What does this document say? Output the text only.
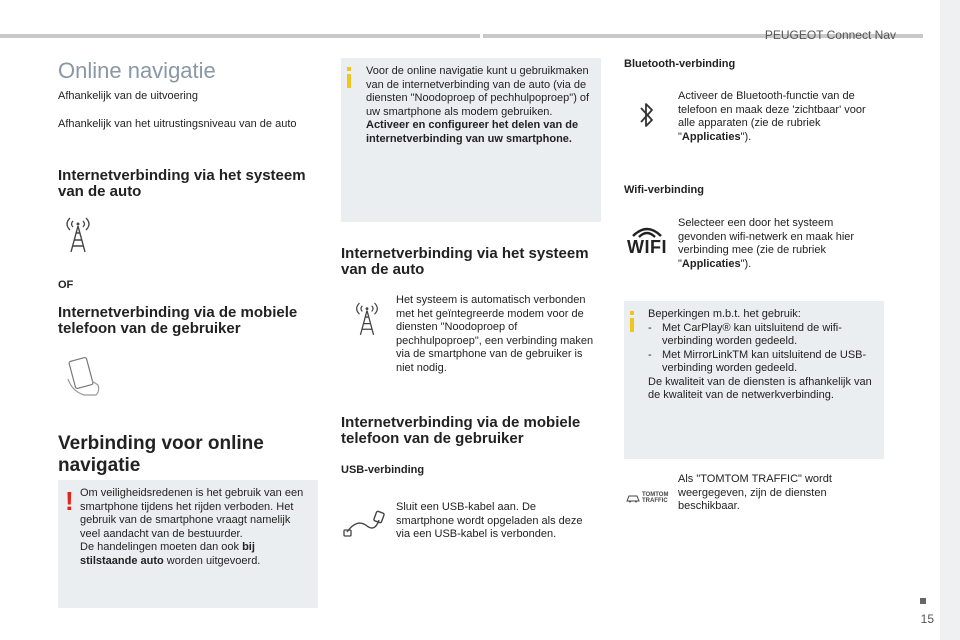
PEUGEOT Connect Nav
Online navigatie
Afhankelijk van de uitvoering
Afhankelijk van het uitrustingsniveau van de auto
Internetverbinding via het systeem van de auto
OF
Internetverbinding via de mobiele telefoon van de gebruiker
Verbinding voor online navigatie
! Om veiligheidsredenen is het gebruik van een smartphone tijdens het rijden verboden. Het gebruik van de smartphone vraagt namelijk veel aandacht van de bestuurder.
De handelingen moeten dan ook bij stilstaande auto worden uitgevoerd.
Voor de online navigatie kunt u gebruikmaken van de internetverbinding van de auto (via de diensten "Noodoproep of pechhulpoproep") of uw smartphone als modem gebruiken.
Activeer en configureer het delen van de internetverbinding van uw smartphone.
Internetverbinding via het systeem van de auto
Het systeem is automatisch verbonden met het geïntegreerde modem voor de diensten "Noodoproep of pechhulpoproep", een verbinding maken via de smartphone van de gebruiker is niet nodig.
Internetverbinding via de mobiele telefoon van de gebruiker
USB-verbinding
Sluit een USB-kabel aan. De smartphone wordt opgeladen als deze via een USB-kabel is verbonden.
Bluetooth-verbinding
Activeer de Bluetooth-functie van de telefoon en maak deze 'zichtbaar' voor alle apparaten (zie de rubriek "Applicaties").
Wifi-verbinding
WIFI
Selecteer een door het systeem gevonden wifi-netwerk en maak hier verbinding mee (zie de rubriek "Applicaties").
Beperkingen m.b.t. het gebruik:
- Met CarPlay® kan uitsluitend de wifi-verbinding worden gedeeld.
- Met MirrorLinkTM kan uitsluitend de USB-verbinding worden gedeeld.
De kwaliteit van de diensten is afhankelijk van de kwaliteit van de netwerkverbinding.
TOMTOM
TRAFFIC
Als "TOMTOM TRAFFIC" wordt weergegeven, zijn de diensten beschikbaar.
15
